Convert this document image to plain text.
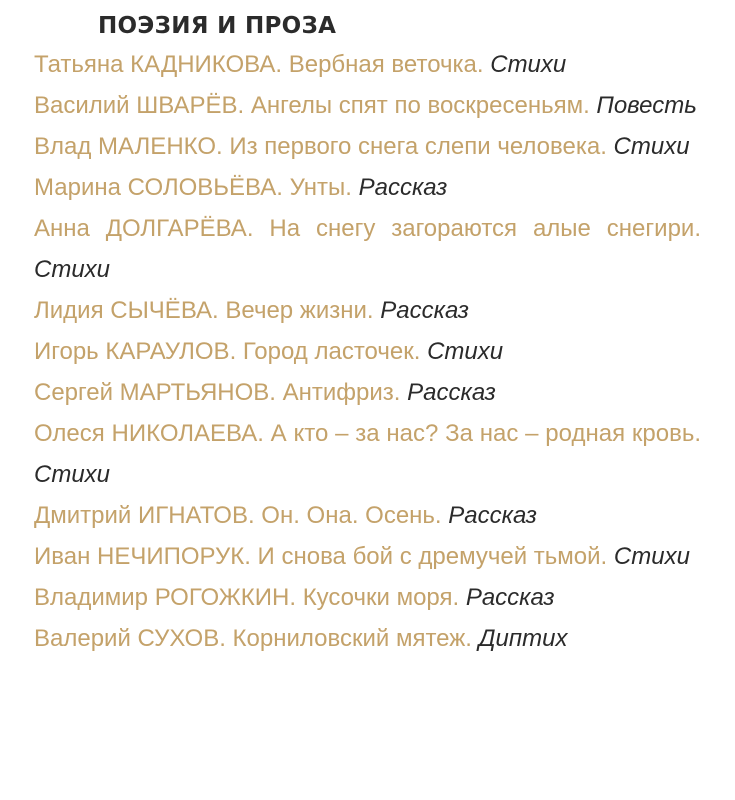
ПОЭЗИЯ И ПРОЗА
Татьяна КАДНИКОВА. Вербная веточка. Стихи
Василий ШВАРЁВ. Ангелы спят по воскресеньям. Повесть
Влад МАЛЕНКО. Из первого снега слепи человека. Стихи
Марина СОЛОВЬЁВА. Унты. Рассказ
Анна ДОЛГАРЁВА. На снегу загораются алые снегири. Стихи
Лидия СЫЧЁВА. Вечер жизни. Рассказ
Игорь КАРАУЛОВ. Город ласточек. Стихи
Сергей МАРТЬЯНОВ. Антифриз. Рассказ
Олеся НИКОЛАЕВА. А кто – за нас? За нас – родная кровь. Стихи
Дмитрий ИГНАТОВ. Он. Она. Осень. Рассказ
Иван НЕЧИПОРУК. И снова бой с дремучей тьмой. Стихи
Владимир РОГОЖКИН. Кусочки моря. Рассказ
Валерий СУХОВ. Корниловский мятеж. Диптих
